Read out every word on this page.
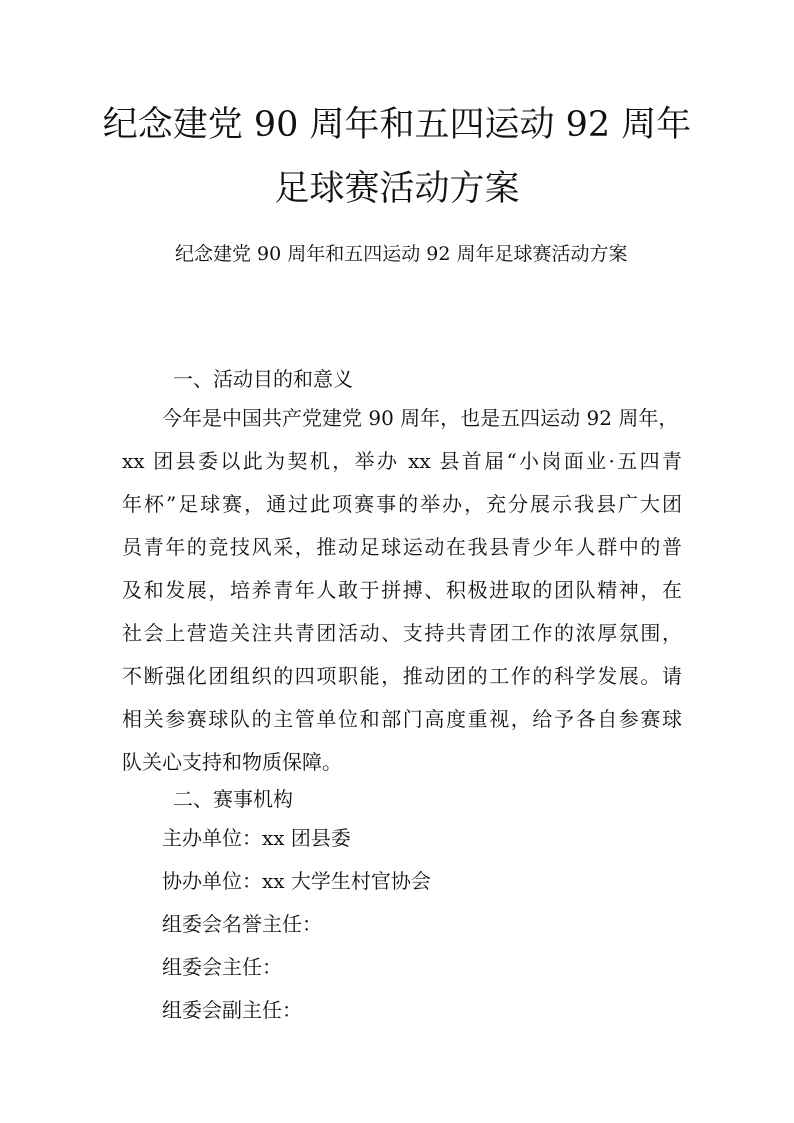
纪念建党 90 周年和五四运动 92 周年
足球赛活动方案
纪念建党 90 周年和五四运动 92 周年足球赛活动方案
一、活动目的和意义
今年是中国共产党建党 90 周年，也是五四运动 92 周年，
xx 团县委以此为契机，举办 xx 县首届“小岗面业·五四青
年杯”足球赛，通过此项赛事的举办，充分展示我县广大团
员青年的竞技风采，推动足球运动在我县青少年人群中的普
及和发展，培养青年人敢于拼搏、积极进取的团队精神，在
社会上营造关注共青团活动、支持共青团工作的浓厚氛围，
不断强化团组织的四项职能，推动团的工作的科学发展。请
相关参赛球队的主管单位和部门高度重视，给予各自参赛球
队关心支持和物质保障。
二、赛事机构
主办单位：xx 团县委
协办单位：xx 大学生村官协会
组委会名誉主任：
组委会主任：
组委会副主任：
